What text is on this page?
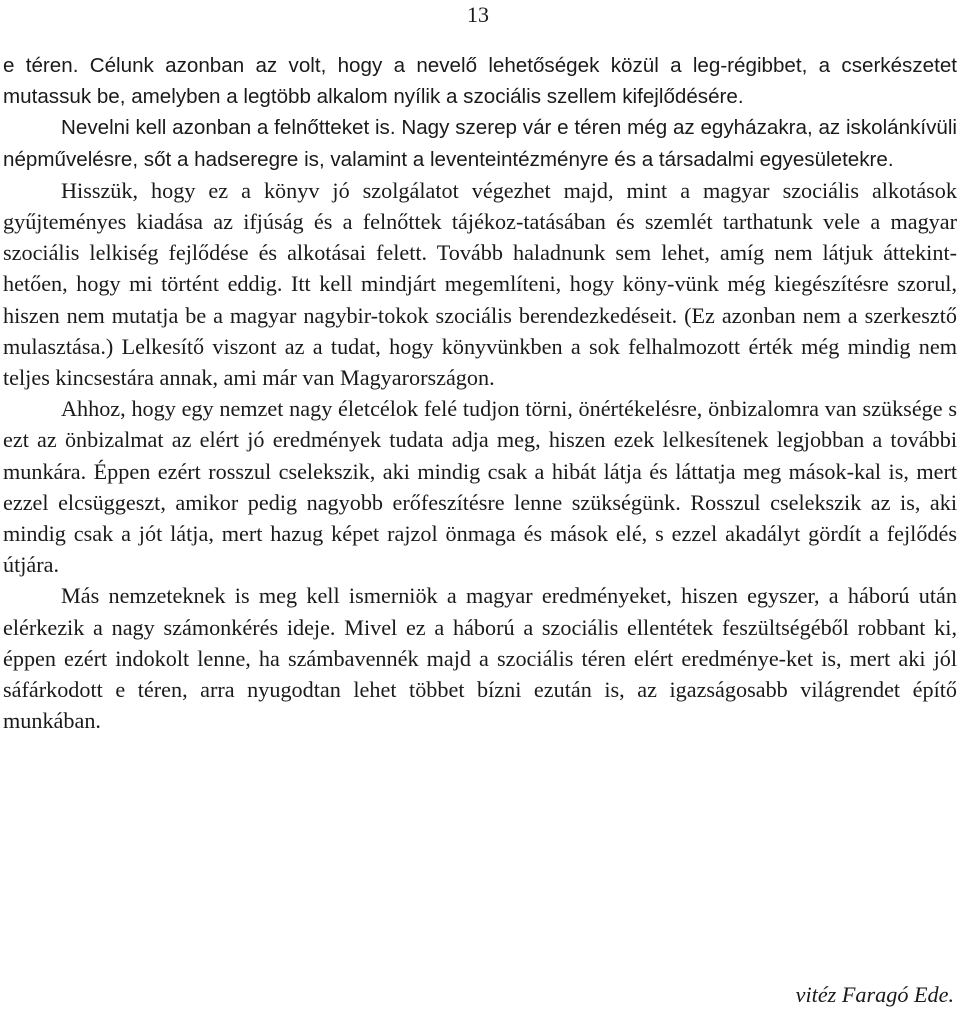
13

e téren. Célunk azonban az volt, hogy a nevelő lehetőségek közül a leg-régibbet, a cserkészetet mutassuk be, amelyben a legtöbb alkalom nyílik a szociális szellem kifejlődésére.

Nevelni kell azonban a felnőtteket is. Nagy szerep vár e téren még az egyházakra, az iskolánkívüli népművelésre, sőt a hadseregre is, valamint a leventeintézményre és a társadalmi egyesületekre.

Hisszük, hogy ez a könyv jó szolgálatot végezhet majd, mint a magyar szociális alkotások gyűjteményes kiadása az ifjúság és a felnőttek tájékoz-tatásában és szemlét tarthatunk vele a magyar szociális lelkiség fejlődése és alkotásai felett. Tovább haladnunk sem lehet, amíg nem látjuk áttekint-hetően, hogy mi történt eddig. Itt kell mindjárt megemlíteni, hogy köny-vünk még kiegészítésre szorul, hiszen nem mutatja be a magyar nagybir-tokok szociális berendezkedéseit. (Ez azonban nem a szerkesztő mulasztása.) Lelkesítő viszont az a tudat, hogy könyvünkben a sok felhalmozott érték még mindig nem teljes kincsestára annak, ami már van Magyarországon.

Ahhoz, hogy egy nemzet nagy életcélok felé tudjon törni, önértékelésre, önbizalomra van szüksége s ezt az önbizalmat az elért jó eredmények tudata adja meg, hiszen ezek lelkesítenek legjobban a további munkára. Éppen ezért rosszul cselekszik, aki mindig csak a hibát látja és láttatja meg mások-kal is, mert ezzel elcsüggeszt, amikor pedig nagyobb erőfeszítésre lenne szükségünk. Rosszul cselekszik az is, aki mindig csak a jót látja, mert hazug képet rajzol önmaga és mások elé, s ezzel akadályt gördít a fejlődés útjára.

Más nemzeteknek is meg kell ismerniök a magyar eredményeket, hiszen egyszer, a háború után elérkezik a nagy számonkérés ideje. Mivel ez a háború a szociális ellentétek feszültségéből robbant ki, éppen ezért indokolt lenne, ha számbavennék majd a szociális téren elért eredménye-ket is, mert aki jól sáfárkodott e téren, arra nyugodtan lehet többet bízni ezután is, az igazságosabb világrendet építő munkában.

vitéz Faragó Ede.
